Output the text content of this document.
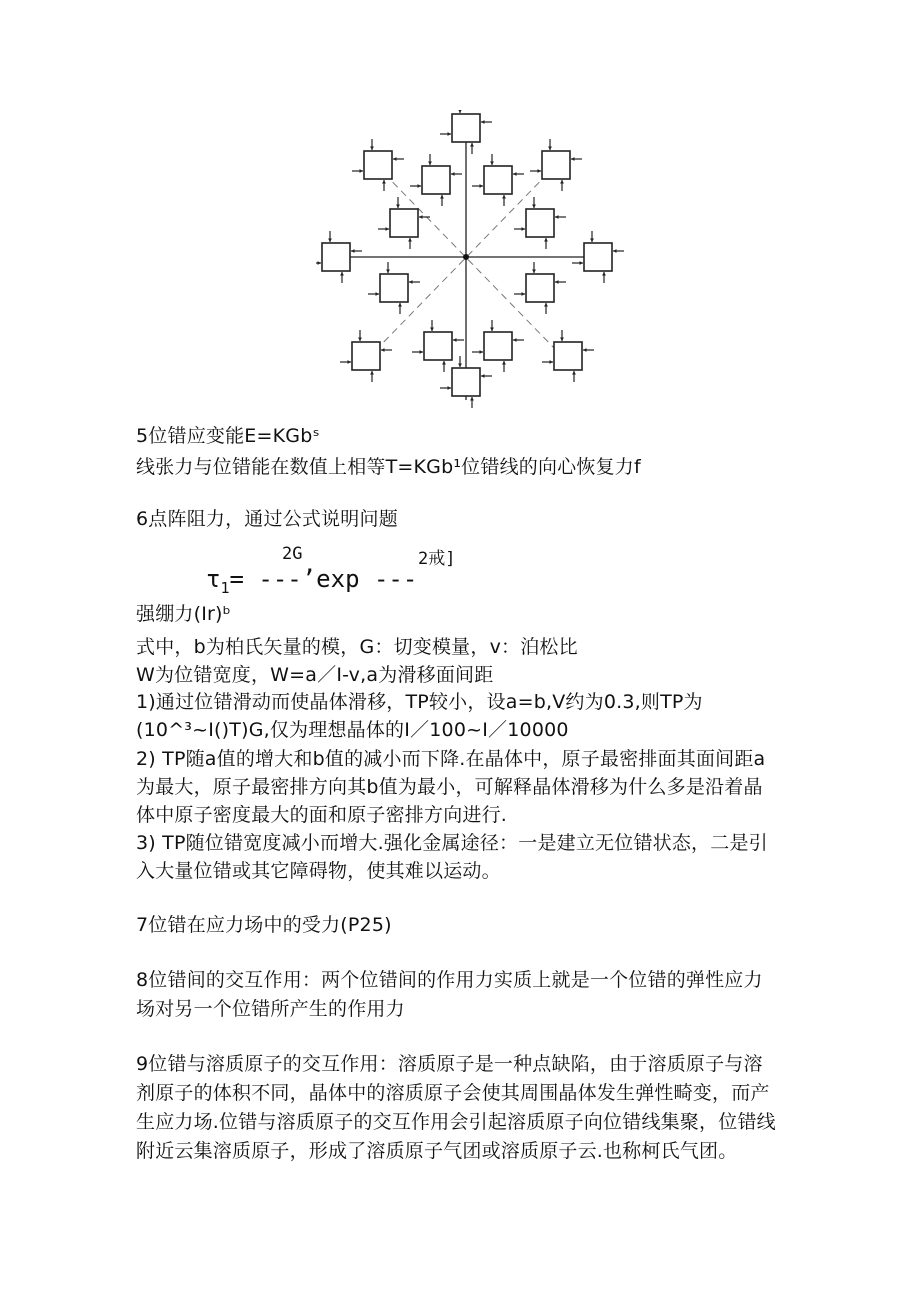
5位错应变能E=KGbˢ
线张力与位错能在数值上相等T=KGb¹位错线的向心恢复力f
6点阵阻力，通过公式说明问题
2G	2戒]
$\tau_1=$ ---’exp ---
强绷力(Ir)ᵇ
式中，b为柏氏矢量的模，G：切变模量，v：泊松比
W为位错宽度，W=a／I-v,a为滑移面间距
1)通过位错滑动而使晶体滑移，TP较小，设a=b,V约为0.3,则TP为
(10^³~I()T)G,仅为理想晶体的I／100~I／10000
2) TP随a值的增大和b值的减小而下降.在晶体中，原子最密排面其面间距a
为最大，原子最密排方向其b值为最小，可解释晶体滑移为什么多是沿着晶
体中原子密度最大的面和原子密排方向进行.
3) TP随位错宽度减小而增大.强化金属途径：一是建立无位错状态，二是引
入大量位错或其它障碍物，使其难以运动。
7位错在应力场中的受力(P25)
8位错间的交互作用：两个位错间的作用力实质上就是一个位错的弹性应力
场对另一个位错所产生的作用力
9位错与溶质原子的交互作用：溶质原子是一种点缺陷，由于溶质原子与溶
剂原子的体积不同，晶体中的溶质原子会使其周围晶体发生弹性畸变，而产
生应力场.位错与溶质原子的交互作用会引起溶质原子向位错线集聚，位错线
附近云集溶质原子，形成了溶质原子气团或溶质原子云.也称柯氏气团。
